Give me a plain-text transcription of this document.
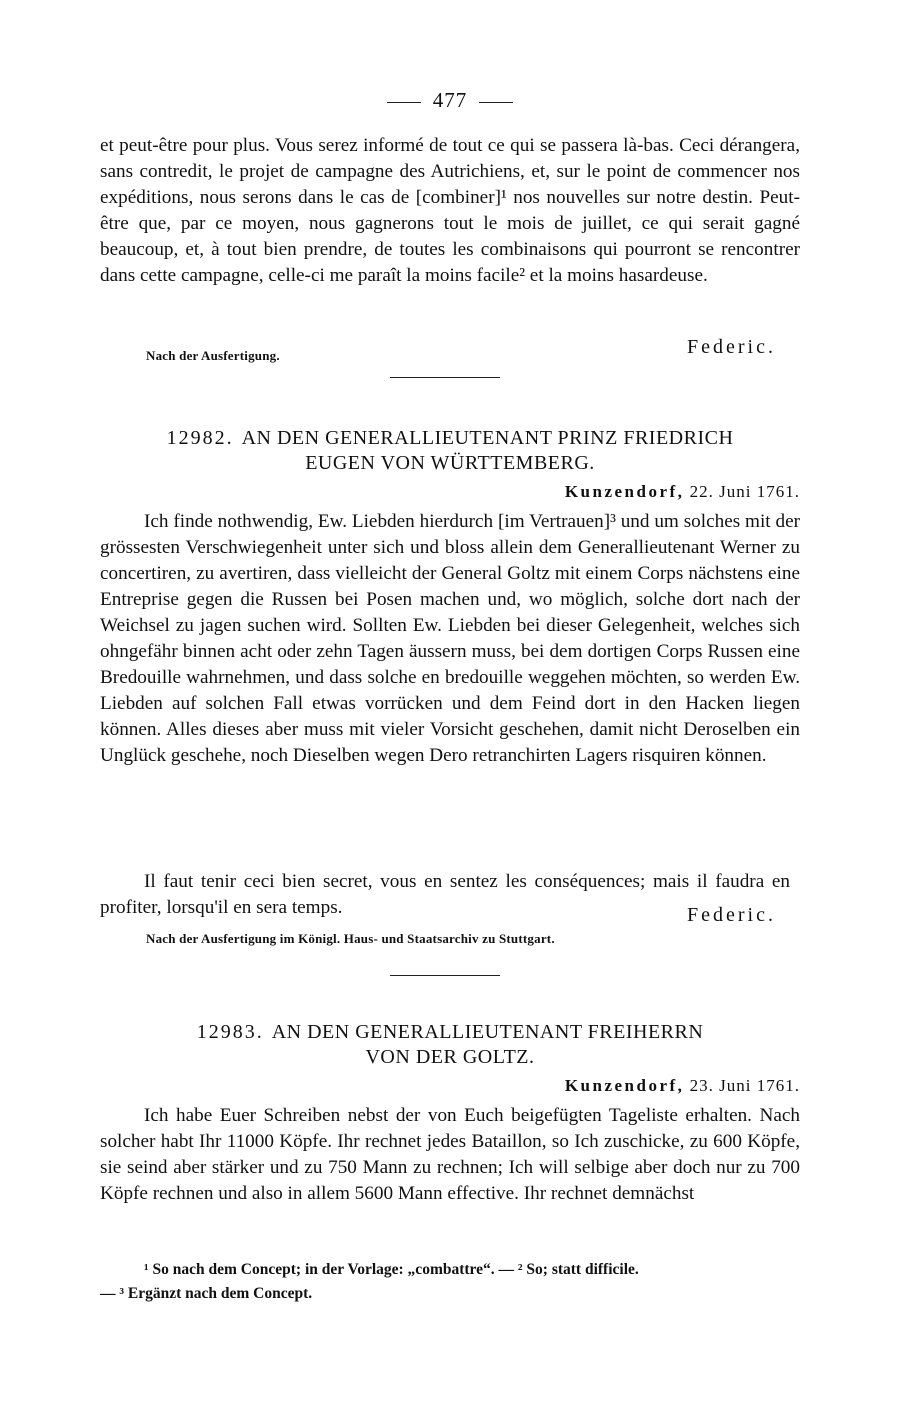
477

et peut-être pour plus. Vous serez informé de tout ce qui se passera là-bas. Ceci dérangera, sans contredit, le projet de campagne des Autrichiens, et, sur le point de commencer nos expéditions, nous serons dans le cas de [combiner]¹ nos nouvelles sur notre destin. Peut-être que, par ce moyen, nous gagnerons tout le mois de juillet, ce qui serait gagné beaucoup, et, à tout bien prendre, de toutes les combinaisons qui pourront se rencontrer dans cette campagne, celle-ci me paraît la moins facile² et la moins hasardeuse.

Nach der Ausfertigung.	Federic.

12982. AN DEN GENERALLIEUTENANT PRINZ FRIEDRICH

EUGEN VON WÜRTTEMBERG.

Kunzendorf, 22. Juni 1761.

Ich finde nothwendig, Ew. Liebden hierdurch [im Vertrauen]³ und um solches mit der grössesten Verschwiegenheit unter sich und bloss allein dem Generallieutenant Werner zu concertiren, zu avertiren, dass vielleicht der General Goltz mit einem Corps nächstens eine Entreprise gegen die Russen bei Posen machen und, wo möglich, solche dort nach der Weichsel zu jagen suchen wird. Sollten Ew. Liebden bei dieser Gelegenheit, welches sich ohngefähr binnen acht oder zehn Tagen äussern muss, bei dem dortigen Corps Russen eine Bredouille wahrnehmen, und dass solche en bredouille weggehen möchten, so werden Ew. Liebden auf solchen Fall etwas vorrücken und dem Feind dort in den Hacken liegen können. Alles dieses aber muss mit vieler Vorsicht geschehen, damit nicht Deroselben ein Unglück geschehe, noch Dieselben wegen Dero retranchirten Lagers risquiren können.

Il faut tenir ceci bien secret, vous en sentez les conséquences; mais il faudra en profiter, lorsqu'il en sera temps.	Federic.

Nach der Ausfertigung im Königl. Haus- und Staatsarchiv zu Stuttgart.

12983. AN DEN GENERALLIEUTENANT FREIHERRN

VON DER GOLTZ.

Kunzendorf, 23. Juni 1761.

Ich habe Euer Schreiben nebst der von Euch beigefügten Tageliste erhalten. Nach solcher habt Ihr 11000 Köpfe. Ihr rechnet jedes Bataillon, so Ich zuschicke, zu 600 Köpfe, sie seind aber stärker und zu 750 Mann zu rechnen; Ich will selbige aber doch nur zu 700 Köpfe rechnen und also in allem 5600 Mann effective. Ihr rechnet demnächst

¹ So nach dem Concept; in der Vorlage: „combattre“. — ² So; statt difficile.

— ³ Ergänzt nach dem Concept.
